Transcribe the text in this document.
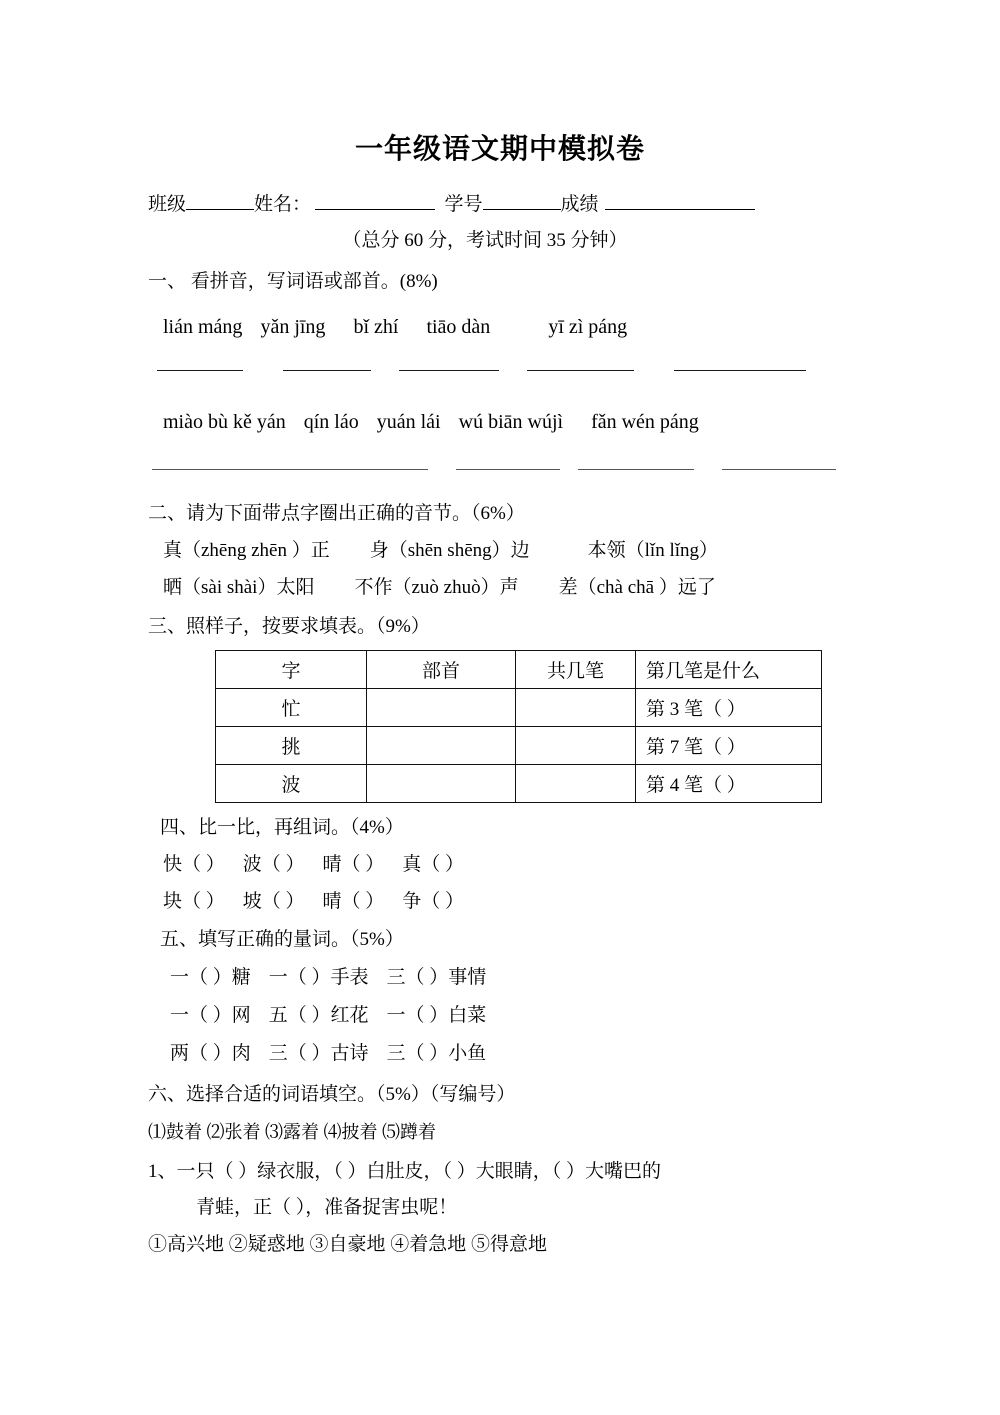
一年级语文期中模拟卷
班级	姓名：	学号	成绩
（总分 60 分，考试时间 35 分钟）
一、 看拼音，写词语或部首。(8%)
lián máng yǎn jīng bǐ zhí tiāo dàn	yī zì páng
miào bù kě yán qín láo yuán lái wú biān wújì fǎn wén páng
二、请为下面带点字圈出正确的音节。（6%）
真（zhēng zhēn ）正 身（shēn shēng）边	本领（lǐn lǐng）
晒（sài shài）太阳 不作（zuò zhuò）声 差（chà chā ）远了
三、照样子，按要求填表。（9%）
字	部首	共几笔	第几笔是什么
忙			第 3 笔（ ）
挑			第 7 笔（ ）
波			第 4 笔（ ）
四、比一比，再组词。（4%）
快（ ） 波（ ） 晴（ ） 真（ ）
块（ ） 坡（ ） 晴（ ） 争（ ）
五、填写正确的量词。（5%）
一（ ）糖 一（ ）手表 三（ ）事情
一（ ）网 五（ ）红花 一（ ）白菜
两（ ）肉 三（ ）古诗 三（ ）小鱼
六、选择合适的词语填空。（5%）（写编号）
⑴鼓着 ⑵张着 ⑶露着 ⑷披着 ⑸蹲着
1、一只（ ）绿衣服，（ ）白肚皮，（ ）大眼睛，（ ）大嘴巴的
青蛙，正（ ），准备捉害虫呢！
①高兴地 ②疑惑地 ③自豪地 ④着急地 ⑤得意地
